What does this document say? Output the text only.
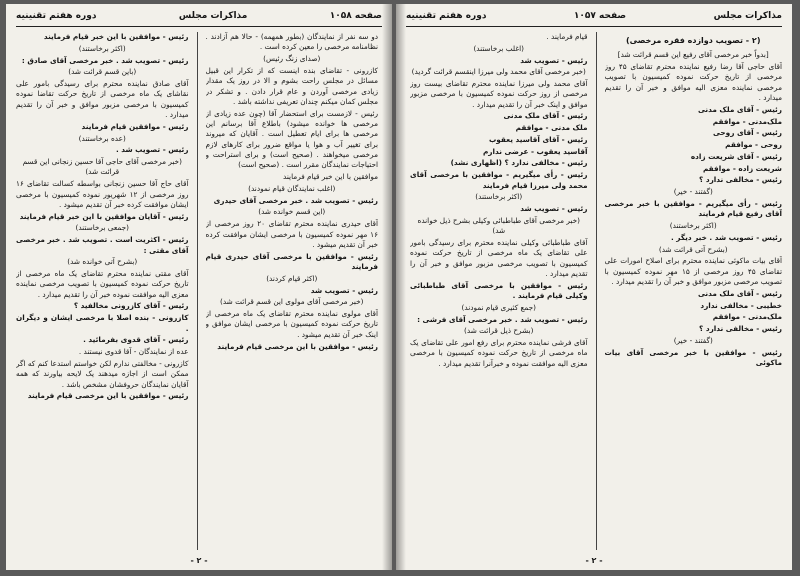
صفحه ۱۰۵۸
مذاکرات مجلس
دوره هفتم تقنینیه

دو سه نفر از نمایندگان (بطور همهمه) - حالا هم آزادند . نظامنامه مرخصی را معین کرده است .

(صدای زنگ رئیس)

کازرونی - تقاضای بنده اینست که از تکرار این قبیل مسائل در مجلس راحت بشوم و الا در روز یک مقدار زیادی مرخصی آوردن و عام قرار دادن . و تشکر در مجلس کمان میکنم چندان تعریفی نداشته باشد .

رئیس - لازمست برای استحضار آقا (چون عده زیادی از مرخصی ها خوانده میشود) باطلاع آقا برسانم این مرخصی ها برای ایام تعطیل است . آقایان که میروند برای تغییر آب و هوا یا مواقع ضرور برای کارهای لازم مرخصی میخواهند . (صحیح است) و برای استراحت و احتیاجات نمایندگان مقرر است . (صحیح است)

موافقین با این خبر قیام فرمایند

(اغلب نمایندگان قیام نمودند)

رئیس - تصویب شد . خبر مرخصی آقای حیدری

(این قسم خوانده شد)

آقای حیدری نماینده محترم تقاضای ۲۰ روز مرخصی از ۱۶ مهر نموده کمیسیون با مرخصی ایشان موافقت کرده خبر آن تقدیم میشود .

رئیس - موافقین با مرخصی آقای حیدری قیام فرمایند

(اکثر قیام کردند)

رئیس - تصویب شد

(خبر مرخصی آقای مولوی این قسم قرائت شد)

آقای مولوی نماینده محترم تقاضای یک ماه مرخصی از تاریخ حرکت نموده کمیسیون با مرخصی ایشان موافق و اینک خبر آن تقدیم میشود .

رئیس - موافقین با این مرخصی قیام فرمایند

رئیس - موافقین با این خبر قیام فرمایند

(اکثر برخاستند)

رئیس - تصویب شد . خبر مرخصی آقای صادق :

(باین قسم قرائت شد)

آقای صادق نماینده محترم برای رسیدگی بامور علی نقاشای یک ماه مرخصی از تاریخ حرکت تقاضا نموده کمیسیون با مرخصی مزبور موافق و خبر آن را تقدیم میدارد .

رئیس - موافقین قیام فرمایند

(عده برخاستند)

رئیس - تصویب شد .

(خبر مرخصی آقای حاجی آقا حسین زنجانی این قسم قرائت شد)

آقای حاج آقا حسین زنجانی بواسطه کسالت تقاضای ۱۶ روز مرخصی از ۱۲ شهریور نموده کمیسیون با مرخصی ایشان موافقت کرده خبر آن تقدیم میشود .

رئیس - آقایان موافقین با این خبر قیام فرمایند

(جمعی برخاستند)

رئیس - اکثریت است . تصویب شد . خبر مرخصی آقای مقتی :

(بشرح آتی خوانده شد)

آقای مقتی نماینده محترم تقاضای یک ماه مرخصی از تاریخ حرکت نموده کمیسیون با تصویب مرخصی نماینده معزی الیه موافقت نموده خبر آن را تقدیم میدارد .

رئیس - آقای کازرونی مخالفید ؟

کازرونی - بنده اصلا با مرخصی ایشان و دیگران .

رئیس - آقای قدوی بفرمائید .

عده از نمایندگان - آقا قدوی نیستند .

کازرونی - مخالفتی ندارم لکن خواستم استدعا کنم که اگر ممکن است از اجازه میدهند یک لایحه بیاورند که همه آقایان نمایندگان حروفشان مشخص باشد .

رئیس - موافقین با این مرخصی قیام فرمایند

- ۲ -
مذاکرات مجلس
صفحه ۱۰۵۷
دوره هفتم تقنینیه

(۲ - تصویب دوازده فقره مرخصی)

[بدواً خبر مرخصی آقای رفیع این قسم قرائت شد]

آقای حاجی آقا رضا رفیع نماینده محترم تقاضای ۴۵ روز مرخصی از تاریخ حرکت نموده کمیسیون با تصویب مرخصی نماینده معزی الیه موافق و خبر آن را تقدیم میدارد .

رئیس - آقای ملک مدنی

ملک‌مدنی - موافقم

رئیس - آقای روحی

روحی - موافقم

رئیس - آقای شریعت زاده

شریعت زاده - موافقم

رئیس - مخالفی ندارد ؟

(گفتند - خیر)

رئیس - رأی میگیریم - موافقین با خبر مرخصی آقای رفیع قیام فرمایند

(اکثر برخاستند)

رئیس - تصویب شد . خبر دیگر .

(بشرح آتی قرائت شد)

آقای بیات ماکوئی نماینده محترم برای اصلاح امورات علی تقاضای ۴۵ روز مرخصی از ۱۵ مهر نموده کمیسیون با تصویب مرخصی مزبور موافق و خبر آن را تقدیم میدارد .

رئیس - آقای ملک مدنی

خطیبی - مخالفی ندارد

ملک‌مدنی - موافقم

رئیس - مخالفی ندارد ؟

(گفتند - خیر)

رئیس - موافقین با خبر مرخصی آقای بیات ماکوئی

قیام فرمایند .

(اغلب برخاستند)

رئیس - تصویب شد

(خبر مرخصی آقای محمد ولی میرزا اینقسم قرائت گردید)

آقای محمد ولی میرزا نماینده محترم تقاضای بیست روز مرخصی از روز حرکت نموده کمیسیون با مرخصی مزبور موافق و اینک خبر آن را تقدیم میدارد .

رئیس - آقای ملک مدنی

ملک مدنی - موافقم

رئیس - آقای آقاسید یعقوب

آقاسید یعقوب - عرضی ندارم

رئیس - مخالفی ندارد ؟ (اظهاری نشد)

رئیس - رأی میگیریم - موافقین با مرخصی آقای محمد ولی میرزا قیام فرمایند

(اکثر برخاستند)

رئیس - تصویب شد

(خبر مرخصی آقای طباطبائی وکیلی بشرح ذیل خوانده شد)

آقای طباطبائی وکیلی نماینده محترم برای رسیدگی بامور علی تقاضای یک ماه مرخصی از تاریخ حرکت نموده کمیسیون با تصویب مرخصی مزبور موافق و خبر آن را تقدیم میدارد .

رئیس - موافقین با مرخصی آقای طباطبائی وکیلی قیام فرمایند .

(جمع کثیری قیام نمودند)

رئیس - تصویب شد . خبر مرخصی آقای فرشی :

(بشرح ذیل قرائت شد)

آقای فرشی نماینده محترم برای رفع امور علی تقاضای یک ماه مرخصی از تاریخ حرکت نموده کمیسیون با مرخصی معزی الیه موافقت نموده و خبرآنرا تقدیم میدارد .

- ۲ -
